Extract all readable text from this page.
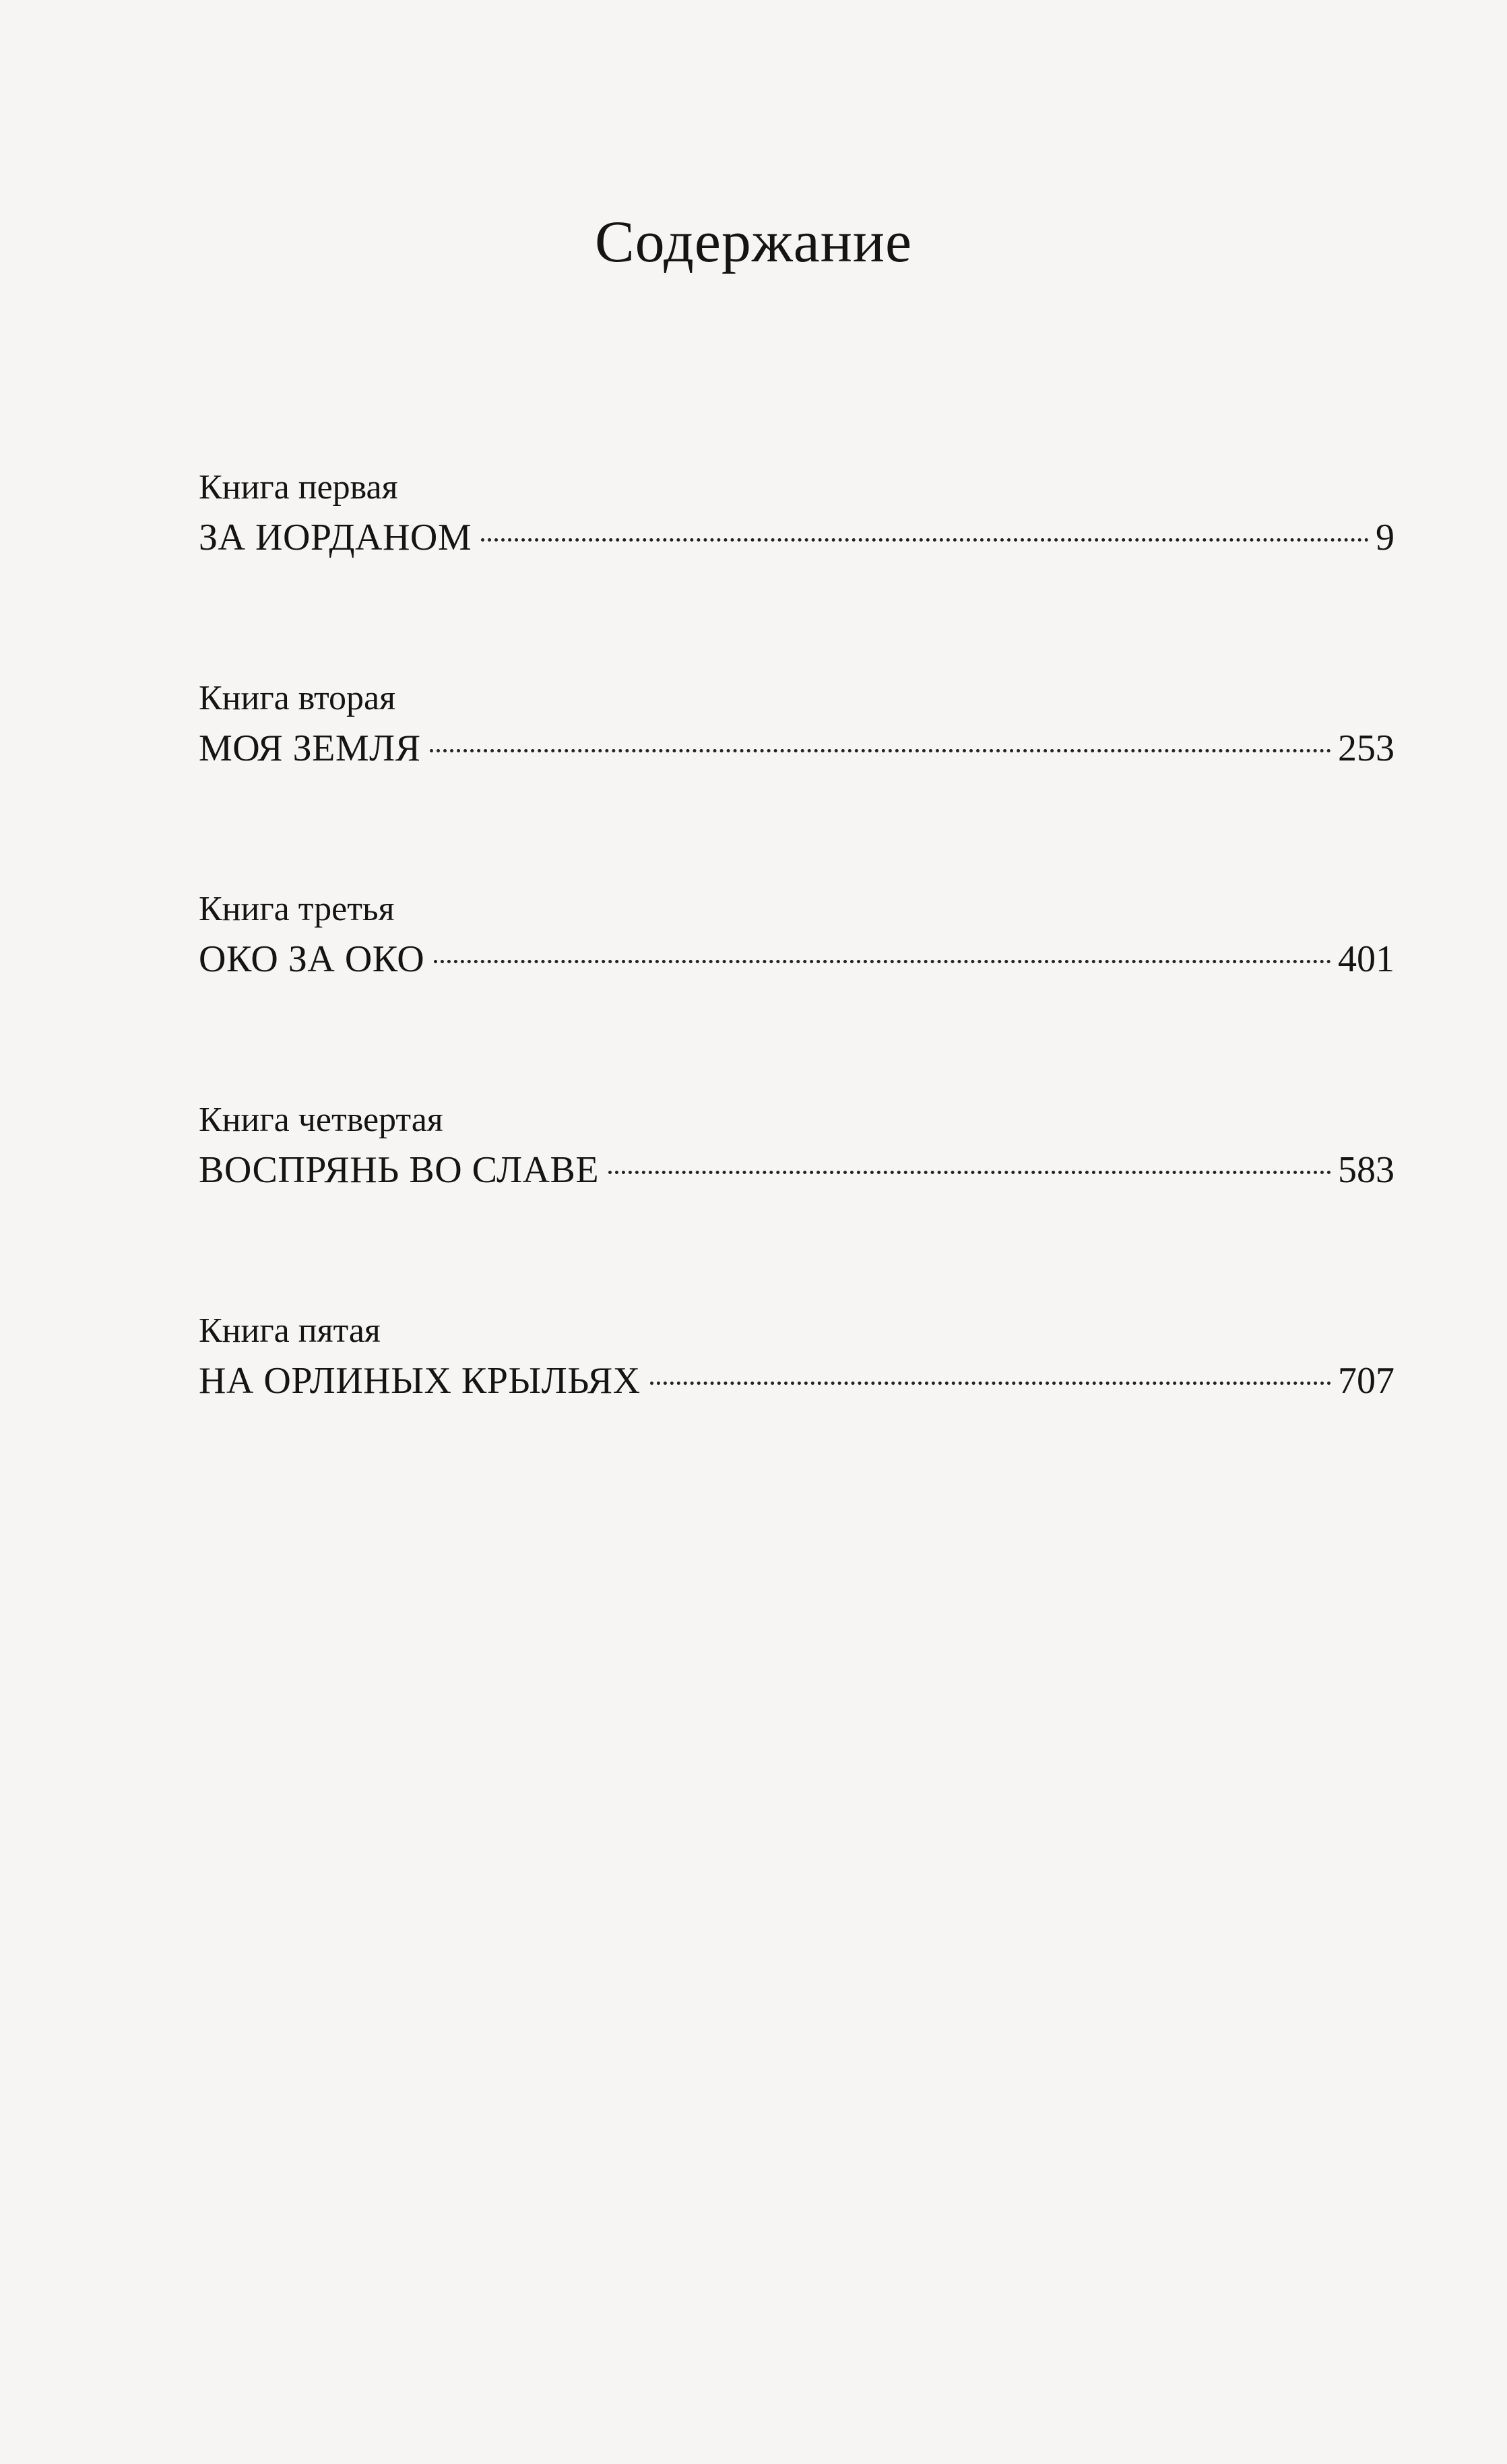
Содержание
Книга первая
ЗА ИОРДАНОМ	9
Книга вторая
МОЯ ЗЕМЛЯ	253
Книга третья
ОКО ЗА ОКО	401
Книга четвертая
ВОСПРЯНЬ ВО СЛАВЕ	583
Книга пятая
НА ОРЛИНЫХ КРЫЛЬЯХ	707
